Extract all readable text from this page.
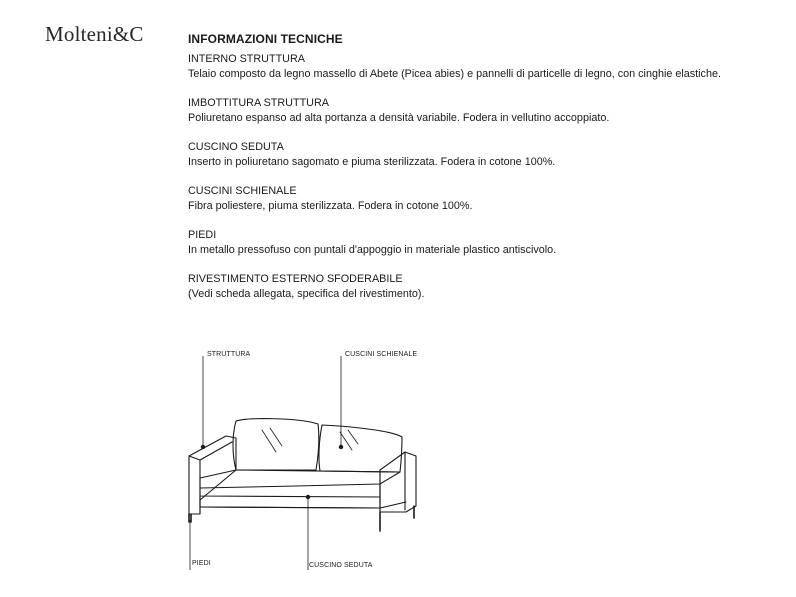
Molteni&C	INFORMAZIONI TECNICHE

INTERNO STRUTTURA

Telaio composto da legno massello di Abete (Picea abies) e pannelli di particelle di legno, con cinghie elastiche.

IMBOTTITURA STRUTTURA

Poliuretano espanso ad alta portanza a densità variabile. Fodera in vellutino accoppiato.

CUSCINO SEDUTA

Inserto in poliuretano sagomato e piuma sterilizzata. Fodera in cotone 100%.

CUSCINI SCHIENALE

Fibra poliestere, piuma sterilizzata. Fodera in cotone 100%.

PIEDI

In metallo pressofuso con puntali d'appoggio in materiale plastico antiscivolo.

RIVESTIMENTO ESTERNO SFODERABILE

(Vedi scheda allegata, specifica del rivestimento).

STRUTTURA	CUSCINI SCHIENALE

PIEDI	CUSCINO SEDUTA
